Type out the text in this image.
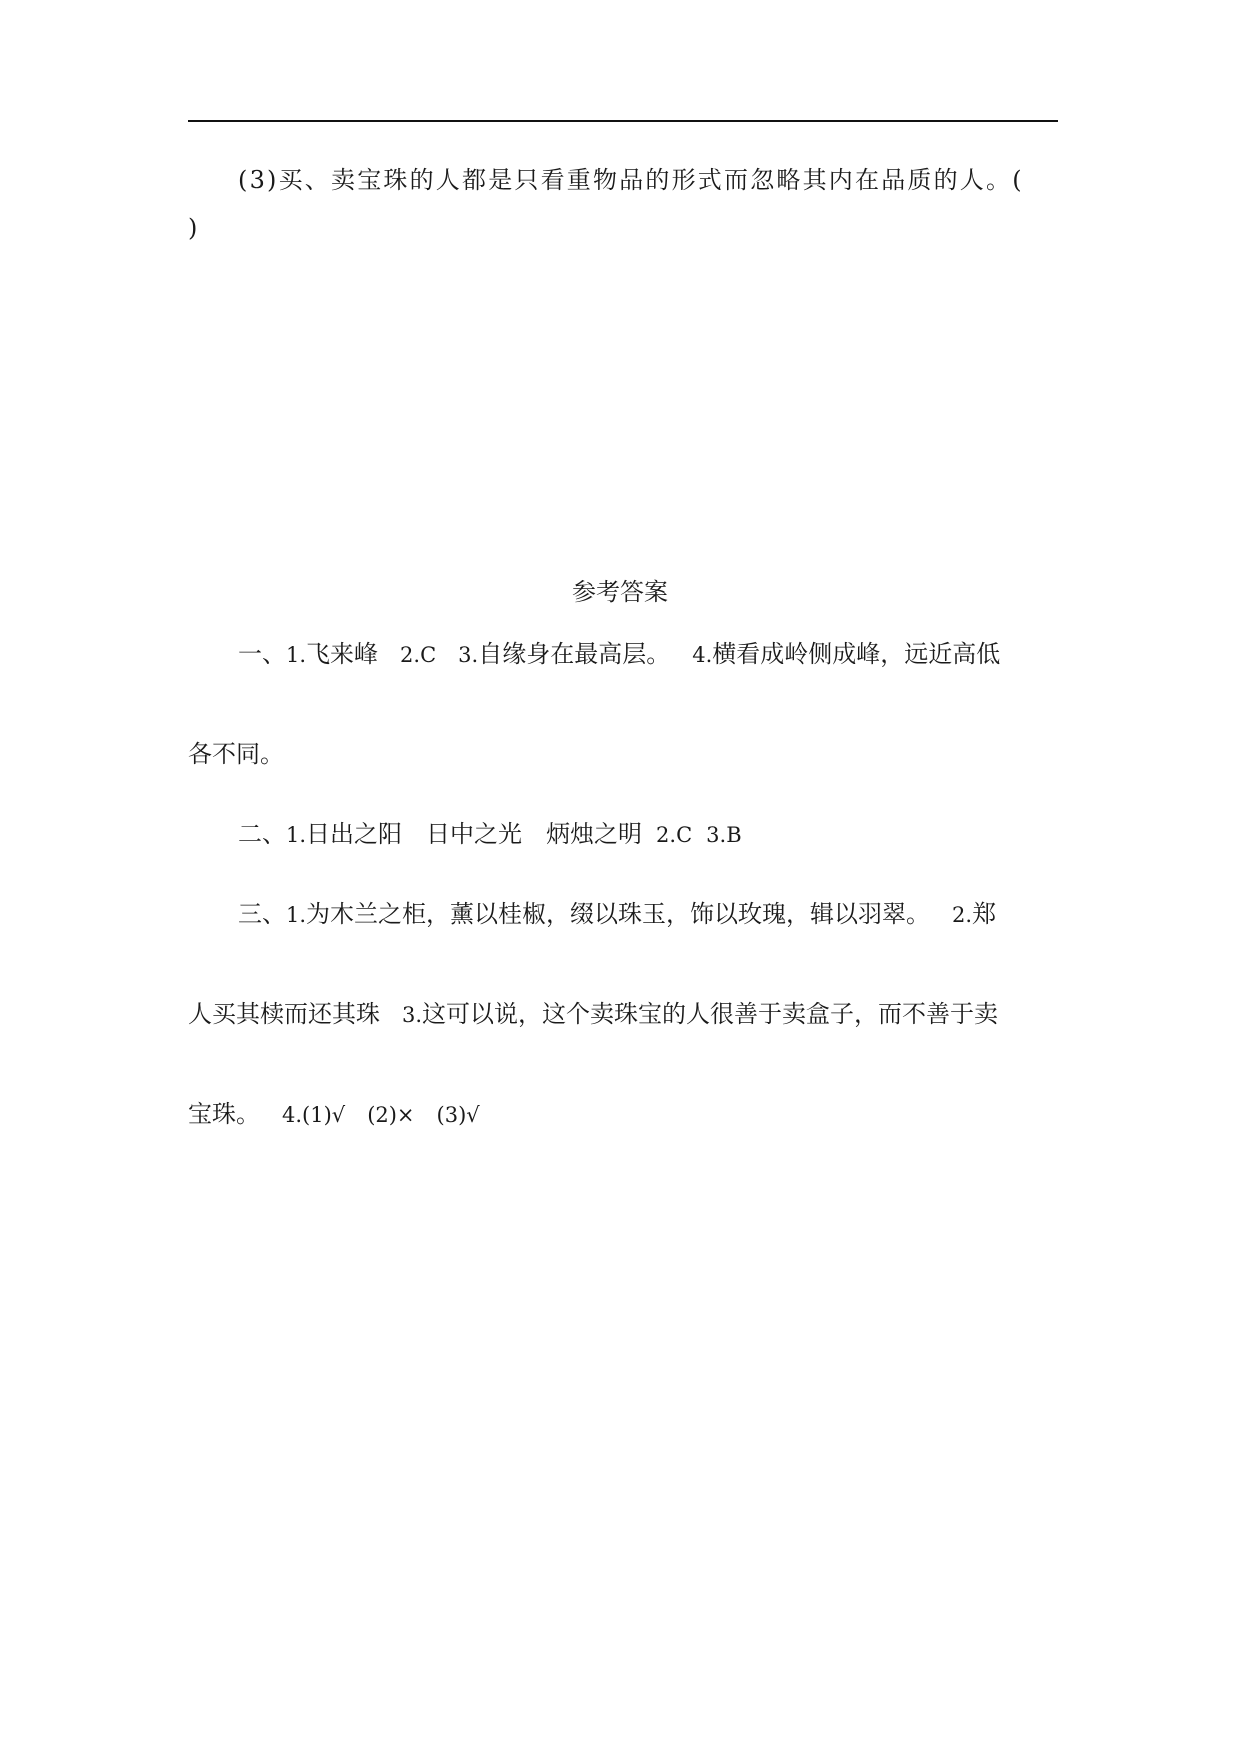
(3)买、卖宝珠的人都是只看重物品的形式而忽略其内在品质的人。(
)
参考答案
一、1.飞来峰 2.C 3.自缘身在最高层。 4.横看成岭侧成峰，远近高低
各不同。
二、1.日出之阳　日中之光　炳烛之明 2.C 3.B
三、1.为木兰之柜，薰以桂椒，缀以珠玉，饰以玫瑰，辑以羽翠。 2.郑
人买其椟而还其珠 3.这可以说，这个卖珠宝的人很善于卖盒子，而不善于卖
宝珠。 4.(1)√ (2)× (3)√
